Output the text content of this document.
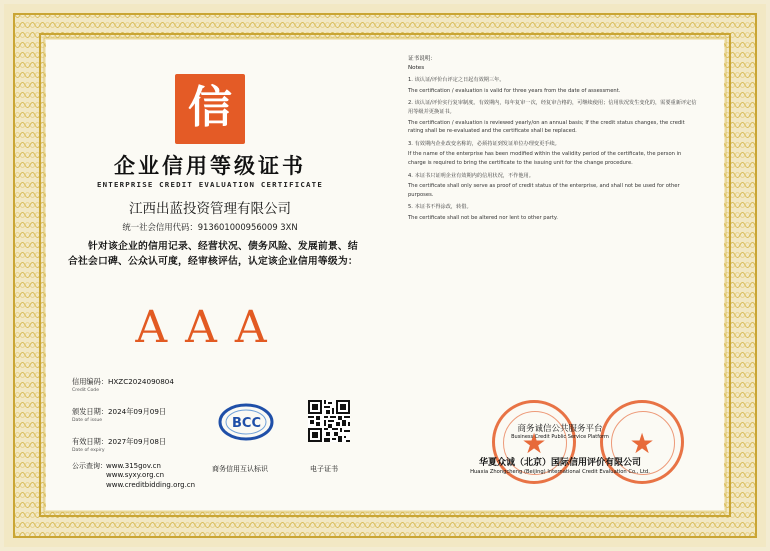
信
企业信用等级证书
ENTERPRISE CREDIT EVALUATION CERTIFICATE
江西出蓝投资管理有限公司
统一社会信用代码：913601000956009 3XN
针对该企业的信用记录、经营状况、债务风险、发展前景、结合社会口碑、公众认可度，经审核评估，认定该企业信用等级为：
AAA
信用编码：HXZC2024090804
Credit Code
颁发日期：2024年09月09日
Date of issue
有效日期：2027年09月08日
Date of expiry
公示查询： www.315gov.cn
www.syxy.org.cn
www.creditbidding.org.cn
BCC
商务信用互认标识	电子证书

证书说明：

Notes

1. 该认证/评价台评定之日起有效期三年。

The certification / evaluation is valid for three years from the date of assessment.

2. 该认证/评价实行复审制度。有效期内，每年复审一次，经复审合格的，可继续使用；信用状况发生变化的，需要重新评定信用等级并更换证书。

The certification / evaluation is reviewed yearly/on an annual basis; If the credit status changes, the credit rating shall be re-evaluated and the certificate shall be replaced.

3. 有效期内企业改变名称的，必须持证到发证单位办理变更手续。

If the name of the enterprise has been modified within the validity period of the certificate, the person in charge is required to bring the certificate to the issuing unit for the change procedure.

4. 本证书只证明企业有效期内的信用状况，不作他用。

The certificate shall only serve as proof of credit status of the enterprise, and shall not be used for other purposes.

5. 本证书不得涂改，转借。

The certificate shall not be altered nor lent to other party.

★	★
商务诚信公共服务平台
Business Credit Public Service Platform
华夏众诚（北京）国际信用评价有限公司
Huaxia Zhongcheng (Beijing) International Credit Evaluation Co., Ltd.
